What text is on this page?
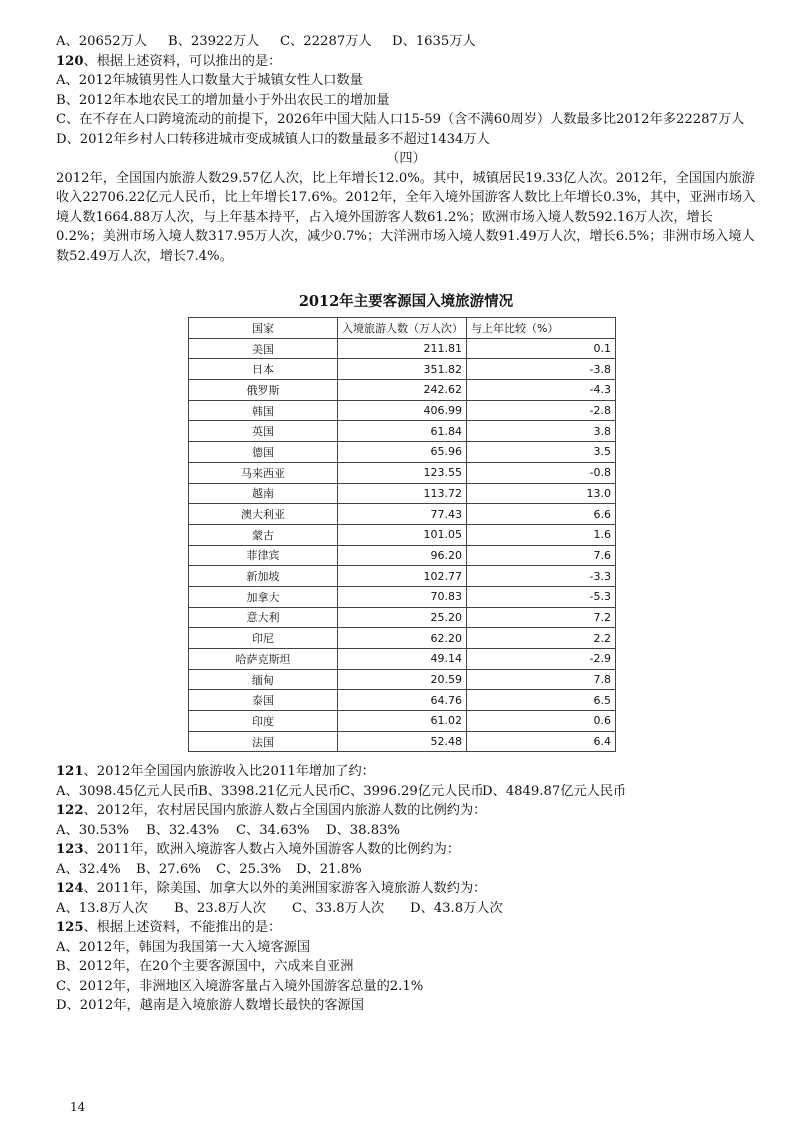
A、20652万人 B、23922万人 C、22287万人 D、1635万人
120、根据上述资料，可以推出的是：
A、2012年城镇男性人口数量大于城镇女性人口数量
B、2012年本地农民工的增加量小于外出农民工的增加量
C、在不存在人口跨境流动的前提下，2026年中国大陆人口15-59（含不满60周岁）人数最多比2012年多22287万人
D、2012年乡村人口转移进城市变成城镇人口的数量最多不超过1434万人
（四）
2012年，全国国内旅游人数29.57亿人次，比上年增长12.0%。其中，城镇居民19.33亿人次。2012年，全国国内旅游收入22706.22亿元人民币，比上年增长17.6%。2012年，全年入境外国游客人数比上年增长0.3%，其中，亚洲市场入境人数1664.88万人次，与上年基本持平，占入境外国游客人数61.2%；欧洲市场入境人数592.16万人次，增长0.2%；美洲市场入境人数317.95万人次，减少0.7%；大洋洲市场入境人数91.49万人次，增长6.5%；非洲市场入境人数52.49万人次，增长7.4%。
2012年主要客源国入境旅游情况
国家	入境旅游人数（万人次）	与上年比较（%）
美国	211.81	0.1
日本	351.82	-3.8
俄罗斯	242.62	-4.3
韩国	406.99	-2.8
英国	61.84	3.8
德国	65.96	3.5
马来西亚	123.55	-0.8
越南	113.72	13.0
澳大利亚	77.43	6.6
蒙古	101.05	1.6
菲律宾	96.20	7.6
新加坡	102.77	-3.3
加拿大	70.83	-5.3
意大利	25.20	7.2
印尼	62.20	2.2
哈萨克斯坦	49.14	-2.9
缅甸	20.59	7.8
泰国	64.76	6.5
印度	61.02	0.6
法国	52.48	6.4
121、2012年全国国内旅游收入比2011年增加了约：
A、3098.45亿元人民币B、3398.21亿元人民币C、3996.29亿元人民币D、4849.87亿元人民币
122、2012年，农村居民国内旅游人数占全国国内旅游人数的比例约为：
A、30.53% B、32.43% C、34.63% D、38.83%
123、2011年，欧洲入境游客人数占入境外国游客人数的比例约为：
A、32.4% B、27.6% C、25.3% D、21.8%
124、2011年，除美国、加拿大以外的美洲国家游客入境旅游人数约为：
A、13.8万人次 B、23.8万人次 C、33.8万人次 D、43.8万人次
125、根据上述资料，不能推出的是：
A、2012年，韩国为我国第一大入境客源国
B、2012年，在20个主要客源国中，六成来自亚洲
C、2012年，非洲地区入境游客量占入境外国游客总量的2.1%
D、2012年，越南是入境旅游人数增长最快的客源国
14
